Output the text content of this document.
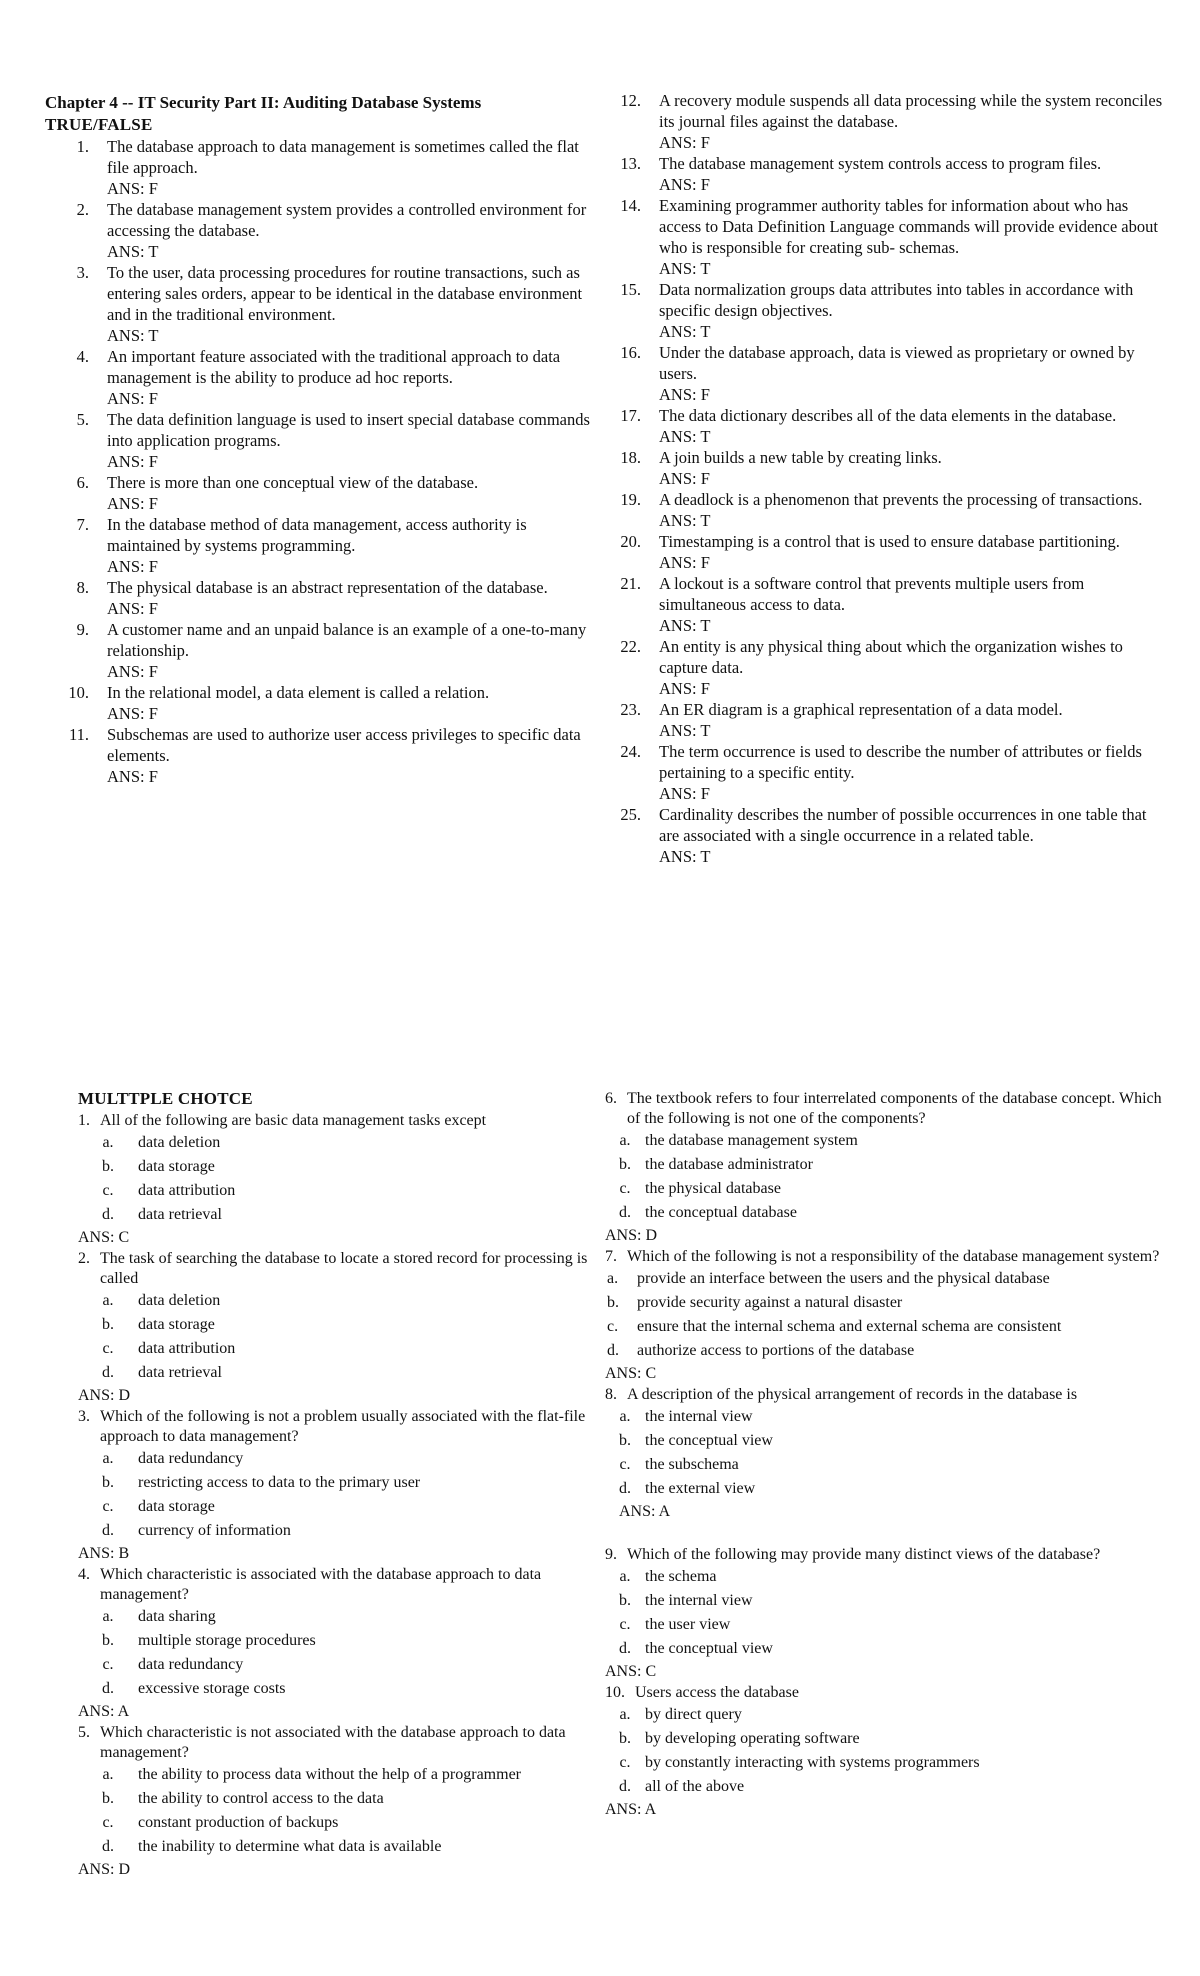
Chapter 4 -- IT Security Part II: Auditing Database Systems
TRUE/FALSE
1.	The database approach to data management is sometimes called the flat file approach.
ANS: F
2.	The database management system provides a controlled environment for accessing the database.
ANS: T
3.	To the user, data processing procedures for routine transactions, such as entering sales orders, appear to be identical in the database environment and in the traditional environment.
ANS: T
4.	An important feature associated with the traditional approach to data management is the ability to produce ad hoc reports.
ANS: F
5.	The data definition language is used to insert special database commands into application programs.
ANS: F
6.	There is more than one conceptual view of the database.
ANS: F
7.	In the database method of data management, access authority is maintained by systems programming.
ANS: F
8.	The physical database is an abstract representation of the database.
ANS: F
9.	A customer name and an unpaid balance is an example of a one-to-many relationship.
ANS: F
10.	In the relational model, a data element is called a relation.
ANS: F
11.	Subschemas are used to authorize user access privileges to specific data elements.
ANS: F
12.	A recovery module suspends all data processing while the system reconciles its journal files against the database.
ANS: F
13.	The database management system controls access to program files.
ANS: F
14.	Examining programmer authority tables for information about who has access to Data Definition Language commands will provide evidence about who is responsible for creating sub- schemas.
ANS: T
15.	Data normalization groups data attributes into tables in accordance with specific design objectives.
ANS: T
16.	Under the database approach, data is viewed as proprietary or owned by users.
ANS: F
17.	The data dictionary describes all of the data elements in the database.
ANS: T
18.	A join builds a new table by creating links.
ANS: F
19.	A deadlock is a phenomenon that prevents the processing of transactions.
ANS: T
20.	Timestamping is a control that is used to ensure database partitioning.
ANS: F
21.	A lockout is a software control that prevents multiple users from simultaneous access to data.
ANS: T
22.	An entity is any physical thing about which the organization wishes to capture data.
ANS: F
23.	An ER diagram is a graphical representation of a data model.
ANS: T
24.	The term occurrence is used to describe the number of attributes or fields pertaining to a specific entity.
ANS: F
25.	Cardinality describes the number of possible occurrences in one table that are associated with a single occurrence in a related table.
ANS: T
MULTTPLE CHOTCE
1. All of the following are basic data management tasks except
a.	data deletion
b.	data storage
c.	data attribution
d.	data retrieval
ANS: C
2. The task of searching the database to locate a stored record for processing is called
a.	data deletion
b.	data storage
c.	data attribution
d.	data retrieval
ANS: D
3. Which of the following is not a problem usually associated with the flat-file approach to data management?
a.	data redundancy
b.	restricting access to data to the primary user
c.	data storage
d.	currency of information
ANS: B
4. Which characteristic is associated with the database approach to data management?
a.	data sharing
b.	multiple storage procedures
c.	data redundancy
d.	excessive storage costs
ANS: A
5. Which characteristic is not associated with the database approach to data management?
a.	the ability to process data without the help of a programmer
b.	the ability to control access to the data
c.	constant production of backups
d.	the inability to determine what data is available
ANS: D
6. The textbook refers to four interrelated components of the database concept. Which of the following is not one of the components?
a. the database management system
b. the database administrator
c. the physical database
d. the conceptual database
ANS: D
7. Which of the following is not a responsibility of the database management system?
a.	provide an interface between the users and the physical database
b.	provide security against a natural disaster
c.	ensure that the internal schema and external schema are consistent
d.	authorize access to portions of the database
ANS: C
8. A description of the physical arrangement of records in the database is
a. the internal view
b. the conceptual view
c. the subschema
d. the external view
ANS: A
9. Which of the following may provide many distinct views of the database?
a. the schema
b. the internal view
c. the user view
d. the conceptual view
ANS: C
10. Users access the database
a. by direct query
b. by developing operating software
c. by constantly interacting with systems programmers
d. all of the above
ANS: A
